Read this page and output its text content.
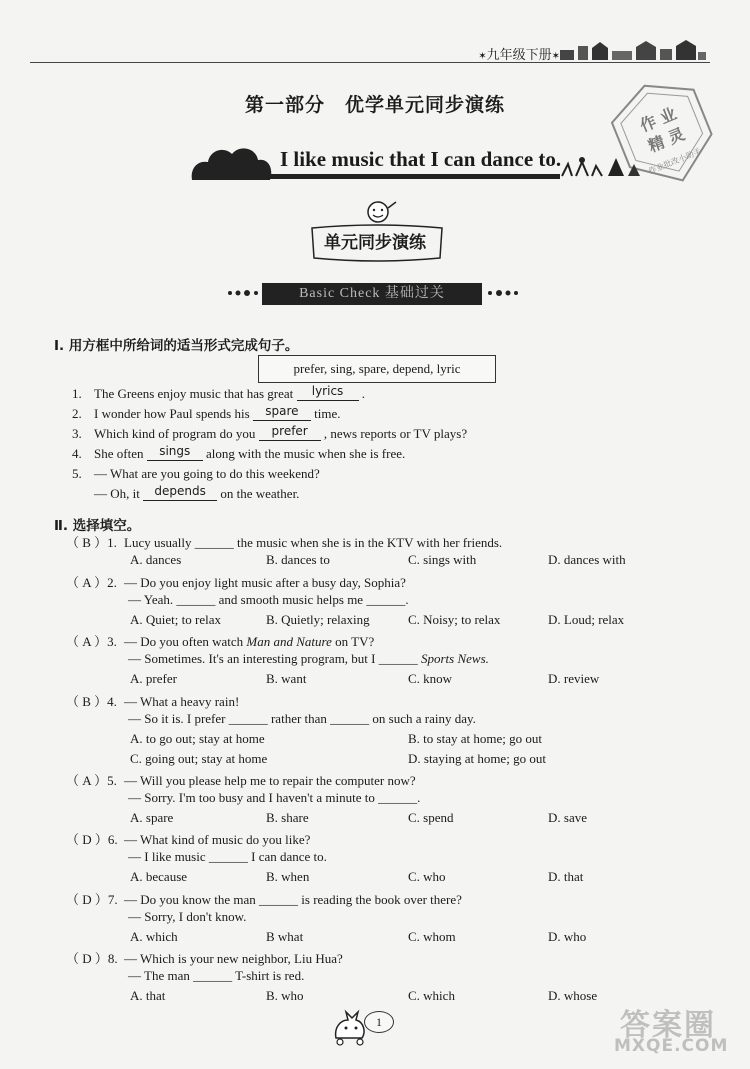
✶九年级下册✶
第一部分　优学单元同步演练	作 业
精 灵
作业批改小助手
I like music that I can dance to.
单元同步演练
Basic Check 基础过关
I. 用方框中所给词的适当形式完成句子。
prefer, sing, spare, depend, lyric
1. The Greens enjoy music that has great lyrics .
2. I wonder how Paul spends his spare time.
3. Which kind of program do you prefer , news reports or TV plays?
4. She often sings along with the music when she is free.
5. — What are you going to do this weekend?
— Oh, it depends on the weather.
Ⅱ. 选择填空。
（ B ）1. Lucy usually ______ the music when she is in the KTV with her friends.
A. dances	B. dances to	C. sings with	D. dances with
（ A ）2. — Do you enjoy light music after a busy day, Sophia?
— Yeah. ______ and smooth music helps me ______.
A. Quiet; to relax	B. Quietly; relaxing	C. Noisy; to relax	D. Loud; relax
（ A ）3. — Do you often watch Man and Nature on TV?
— Sometimes. It's an interesting program, but I ______ Sports News.
A. prefer	B. want	C. know	D. review
（ B ）4. — What a heavy rain!
— So it is. I prefer ______ rather than ______ on such a rainy day.
A. to go out; stay at home	B. to stay at home; go out
C. going out; stay at home	D. staying at home; go out
（ A ）5. — Will you please help me to repair the computer now?
— Sorry. I'm too busy and I haven't a minute to ______.
A. spare	B. share	C. spend	D. save
（ D ）6. — What kind of music do you like?
— I like music ______ I can dance to.
A. because	B. when	C. who	D. that
（ D ）7. — Do you know the man ______ is reading the book over there?
— Sorry, I don't know.
A. which	B what	C. whom	D. who
（ D ）8. — Which is your new neighbor, Liu Hua?
— The man ______ T-shirt is red.
A. that	B. who	C. which	D. whose
1	答案圈
MXQE.COM
